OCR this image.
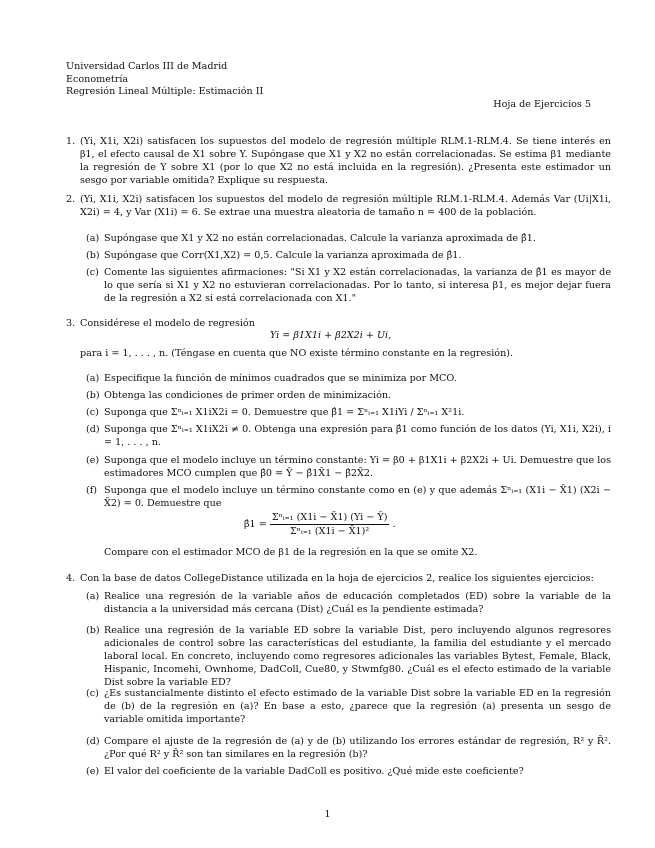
Universidad Carlos III de Madrid
Econometría
Regresión Lineal Múltiple: Estimación II
Hoja de Ejercicios 5
1. (Yi, X1i, X2i) satisfacen los supuestos del modelo de regresión múltiple RLM.1-RLM.4. Se tiene interés en β1, el efecto causal de X1 sobre Y. Supóngase que X1 y X2 no están correlacionadas. Se estima β1 mediante la regresión de Y sobre X1 (por lo que X2 no está incluida en la regresión). ¿Presenta este estimador un sesgo por variable omitida? Explique su respuesta.
2. (Yi, X1i, X2i) satisfacen los supuestos del modelo de regresión múltiple RLM.1-RLM.4. Además Var (Ui|X1i, X2i) = 4, y Var (X1i) = 6. Se extrae una muestra aleatoria de tamaño n = 400 de la población.
(a) Supóngase que X1 y X2 no están correlacionadas. Calcule la varianza aproximada de β̂1.
(b) Supóngase que Corr(X1,X2) = 0,5. Calcule la varianza aproximada de β̂1.
(c) Comente las siguientes afirmaciones: "Si X1 y X2 están correlacionadas, la varianza de β̂1 es mayor de lo que sería si X1 y X2 no estuvieran correlacionadas. Por lo tanto, si interesa β1, es mejor dejar fuera de la regresión a X2 si está correlacionada con X1."
3. Considérese el modelo de regresión
Yi = β1X1i + β2X2i + Ui,
para i = 1, . . . , n. (Téngase en cuenta que NO existe término constante en la regresión).
(a) Especifique la función de mínimos cuadrados que se minimiza por MCO.
(b) Obtenga las condiciones de primer orden de minimización.
(c) Suponga que Σⁿᵢ₌₁ X1iX2i = 0. Demuestre que β̂1 = Σⁿᵢ₌₁ X1iYi / Σⁿᵢ₌₁ X²1i.
(d) Suponga que Σⁿᵢ₌₁ X1iX2i ≠ 0. Obtenga una expresión para β̂1 como función de los datos (Yi, X1i, X2i), i = 1, . . . , n.
(e) Suponga que el modelo incluye un término constante: Yi = β0 + β1X1i + β2X2i + Ui. Demuestre que los estimadores MCO cumplen que β̂0 = Ȳ − β̂1X̄1 − β̂2X̄2.
(f) Suponga que el modelo incluye un término constante como en (e) y que además Σⁿᵢ₌₁ (X1i − X̄1) (X2i − X̄2) = 0. Demuestre que
β̂1 = $\frac{\text{Σⁿᵢ₌₁ (X1i − X̄1) (Yi − Ȳ)}}{\text{Σⁿᵢ₌₁ (X1i − X̄1)²}}$ .
Compare con el estimador MCO de β1 de la regresión en la que se omite X2.
4. Con la base de datos CollegeDistance utilizada en la hoja de ejercicios 2, realice los siguientes ejercicios:
(a) Realice una regresión de la variable años de educación completados (ED) sobre la variable de la distancia a la universidad más cercana (Dist) ¿Cuál es la pendiente estimada?
(b) Realice una regresión de la variable ED sobre la variable Dist, pero incluyendo algunos regresores adicionales de control sobre las características del estudiante, la familia del estudiante y el mercado laboral local. En concreto, incluyendo como regresores adicionales las variables Bytest, Female, Black, Hispanic, Incomehi, Ownhome, DadColl, Cue80, y Stwmfg80. ¿Cuál es el efecto estimado de la variable Dist sobre la variable ED?
(c) ¿Es sustancialmente distinto el efecto estimado de la variable Dist sobre la variable ED en la regresión de (b) de la regresión en (a)? En base a esto, ¿parece que la regresión (a) presenta un sesgo de variable omitida importante?
(d) Compare el ajuste de la regresión de (a) y de (b) utilizando los errores estándar de regresión, R² y R̄². ¿Por qué R² y R̄² son tan similares en la regresión (b)?
(e) El valor del coeficiente de la variable DadColl es positivo. ¿Qué mide este coeficiente?
1
